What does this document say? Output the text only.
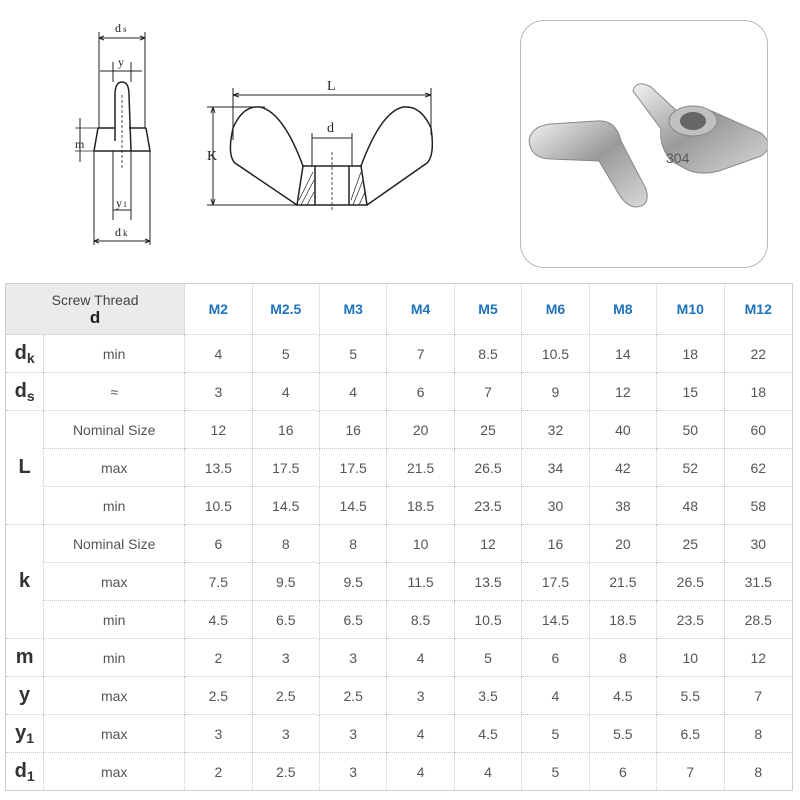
d s
y
m
y1
d k
L
K
d
304
Screw Thread
d		M2	M2.5	M3	M4	M5	M6	M8	M10	M12
$d_k$	min	4	5	5	7	8.5	10.5	14	18	22
$d_s$	≈	3	4	4	6	7	9	12	15	18
L	Nominal Size	12	16	16	20	25	32	40	50	60
	max	13.5	17.5	17.5	21.5	26.5	34	42	52	62
	min	10.5	14.5	14.5	18.5	23.5	30	38	48	58
k	Nominal Size	6	8	8	10	12	16	20	25	30
	max	7.5	9.5	9.5	11.5	13.5	17.5	21.5	26.5	31.5
	min	4.5	6.5	6.5	8.5	10.5	14.5	18.5	23.5	28.5
m	min	2	3	3	4	5	6	8	10	12
y	max	2.5	2.5	2.5	3	3.5	4	4.5	5.5	7
$y_1$	max	3	3	3	4	4.5	5	5.5	6.5	8
$d_1$	max	2	2.5	3	4	4	5	6	7	8
